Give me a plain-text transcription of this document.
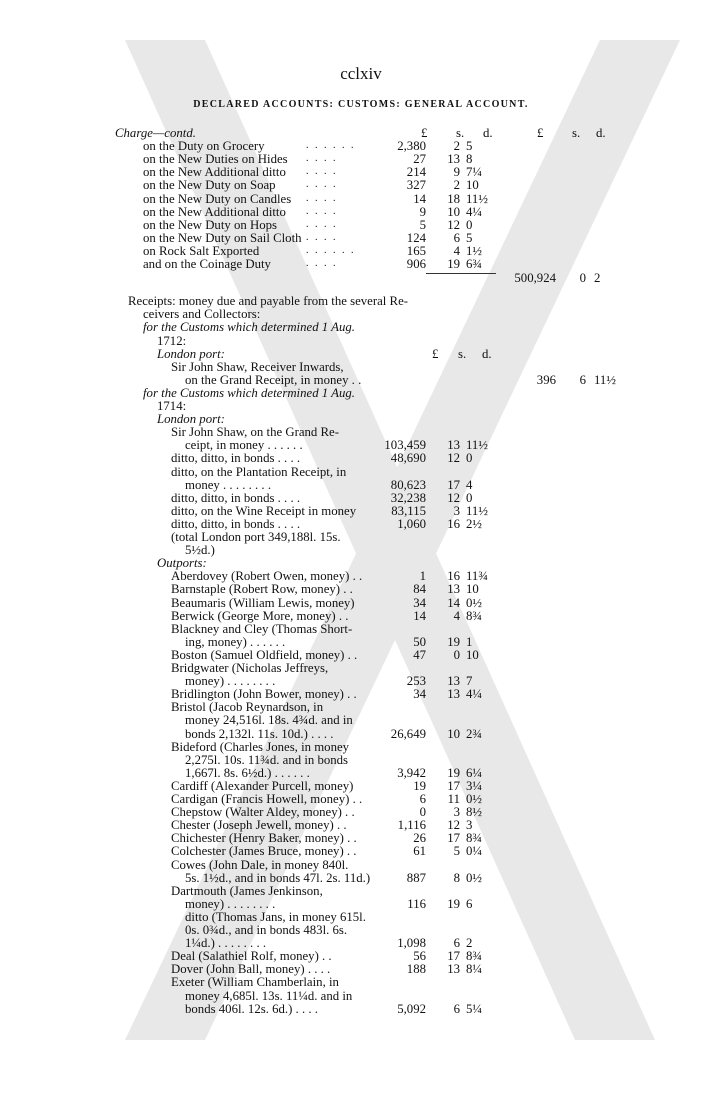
cclxiv
DECLARED ACCOUNTS: CUSTOMS: GENERAL ACCOUNT.
£ s. d.	£ s. d.
Charge—contd.
on the Duty on Grocery	. . . . . .	2,380	2 5
on the New Duties on Hides . . . .	27	13 8
on the New Additional ditto . . . .	214	9 7¼
on the New Duty on Soap	. . . .	327	2 10
on the New Duty on Candles . . . .	14	18 11½
on the New Additional ditto . . . .	9	10 4¼
on the New Duty on Hops	. . . .	5	12 0
on the New Duty on Sail Cloth . . . .	124	6 5
on Rock Salt Exported	. . . . . .	165	4 1½
and on the Coinage Duty	. . . .	906	19 6¾
500,924	0 2
Receipts: money due and payable from the several Re-
ceivers and Collectors:
for the Customs which determined 1 Aug.
1712:
London port:	£ s. d.
Sir John Shaw, Receiver Inwards,
on the Grand Receipt, in money . .	396	6 11½
for the Customs which determined 1 Aug.
1714:
London port:
Sir John Shaw, on the Grand Re-
ceipt, in money . . . . . .	103,459	13 11½
ditto, ditto, in bonds . . . .	48,690	12 0
ditto, on the Plantation Receipt, in
money . . . . . . . .	80,623	17 4
ditto, ditto, in bonds . . . .	32,238	12 0
ditto, on the Wine Receipt in money	83,115	3 11½
ditto, ditto, in bonds . . . .	1,060	16 2½
(total London port 349,188l. 15s.
5½d.)
Outports:
Aberdovey (Robert Owen, money) . .	1	16 11¾
Barnstaple (Robert Row, money) . .	84	13 10
Beaumaris (William Lewis, money)	34	14 0½
Berwick (George More, money) . .	14	4 8¾
Blackney and Cley (Thomas Short-
ing, money) . . . . . .	50	19 1
Boston (Samuel Oldfield, money) . .	47	0 10
Bridgwater (Nicholas Jeffreys,
money) . . . . . . . .	253	13 7
Bridlington (John Bower, money) . .	34	13 4¼
Bristol (Jacob Reynardson, in
money 24,516l. 18s. 4¾d. and in
bonds 2,132l. 11s. 10d.) . . . .	26,649	10 2¾
Bideford (Charles Jones, in money
2,275l. 10s. 11¾d. and in bonds
1,667l. 8s. 6½d.) . . . . . .	3,942	19 6¼
Cardiff (Alexander Purcell, money)	19	17 3¼
Cardigan (Francis Howell, money) . .	6	11 0½
Chepstow (Walter Aldey, money) . .	0	3 8½
Chester (Joseph Jewell, money) . .	1,116	12 3
Chichester (Henry Baker, money) . .	26	17 8¾
Colchester (James Bruce, money) . .	61	5 0¼
Cowes (John Dale, in money 840l.
5s. 1½d., and in bonds 47l. 2s. 11d.)	887	8 0½
Dartmouth (James Jenkinson,
money) . . . . . . . .	116	19 6
ditto (Thomas Jans, in money 615l.
0s. 0¾d., and in bonds 483l. 6s.
1¼d.) . . . . . . . .	1,098	6 2
Deal (Salathiel Rolf, money) . .	56	17 8¾
Dover (John Ball, money) . . . .	188	13 8¼
Exeter (William Chamberlain, in
money 4,685l. 13s. 11¼d. and in
bonds 406l. 12s. 6d.) . . . .	5,092	6 5¼
